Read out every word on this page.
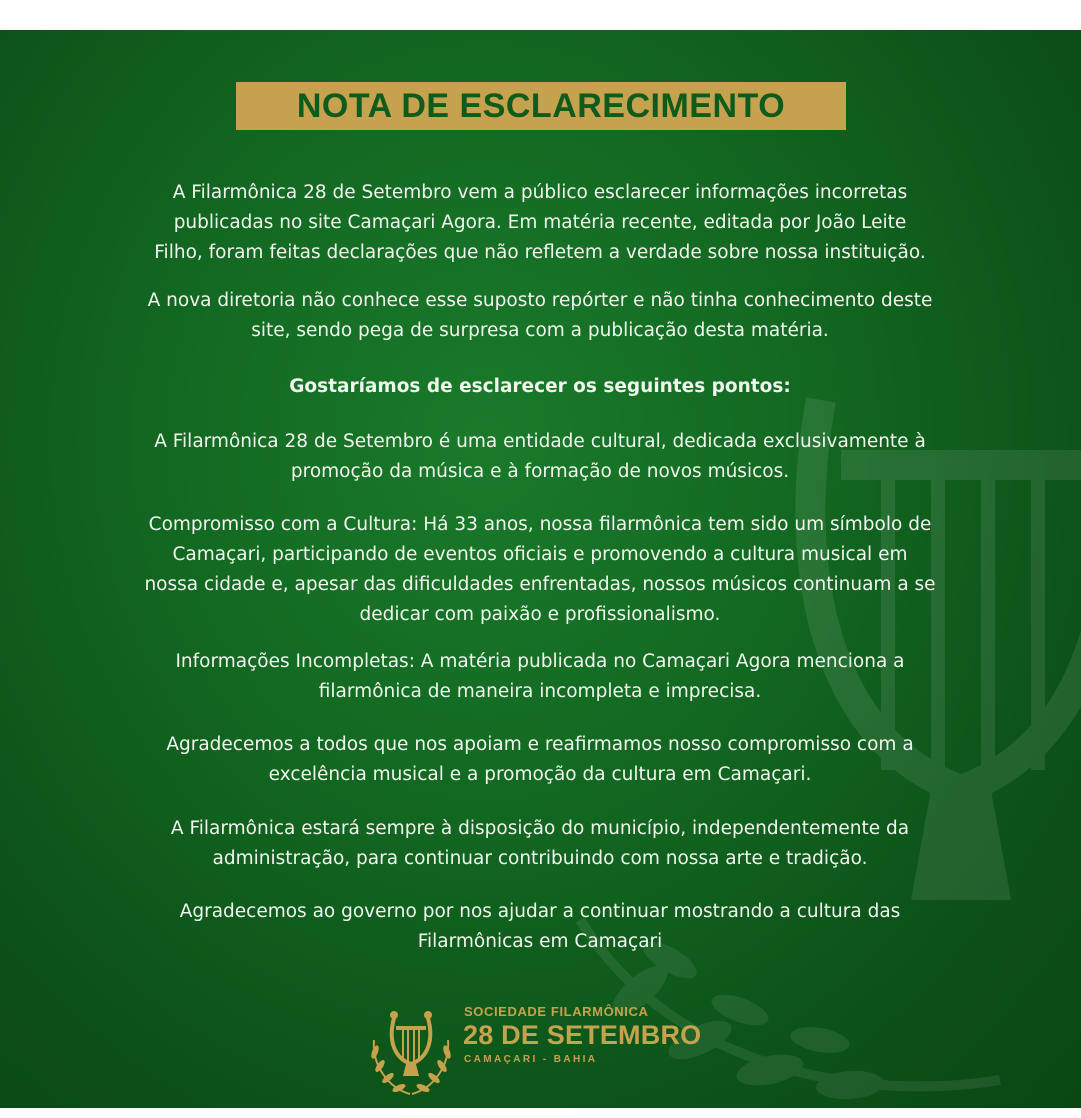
NOTA DE ESCLARECIMENTO
A Filarmônica 28 de Setembro vem a público esclarecer informações incorretas
publicadas no site Camaçari Agora. Em matéria recente, editada por João Leite
Filho, foram feitas declarações que não refletem a verdade sobre nossa instituição.
A nova diretoria não conhece esse suposto repórter e não tinha conhecimento deste
site, sendo pega de surpresa com a publicação desta matéria.
Gostaríamos de esclarecer os seguintes pontos:
A Filarmônica 28 de Setembro é uma entidade cultural, dedicada exclusivamente à
promoção da música e à formação de novos músicos.
Compromisso com a Cultura: Há 33 anos, nossa filarmônica tem sido um símbolo de
Camaçari, participando de eventos oficiais e promovendo a cultura musical em
nossa cidade e, apesar das dificuldades enfrentadas, nossos músicos continuam a se
dedicar com paixão e profissionalismo.
Informações Incompletas: A matéria publicada no Camaçari Agora menciona a
filarmônica de maneira incompleta e imprecisa.
Agradecemos a todos que nos apoiam e reafirmamos nosso compromisso com a
excelência musical e a promoção da cultura em Camaçari.
A Filarmônica estará sempre à disposição do município, independentemente da
administração, para continuar contribuindo com nossa arte e tradição.
Agradecemos ao governo por nos ajudar a continuar mostrando a cultura das
Filarmônicas em Camaçari
SOCIEDADE FILARMÔNICA
28 DE SETEMBRO
CAMAÇARI - BAHIA
